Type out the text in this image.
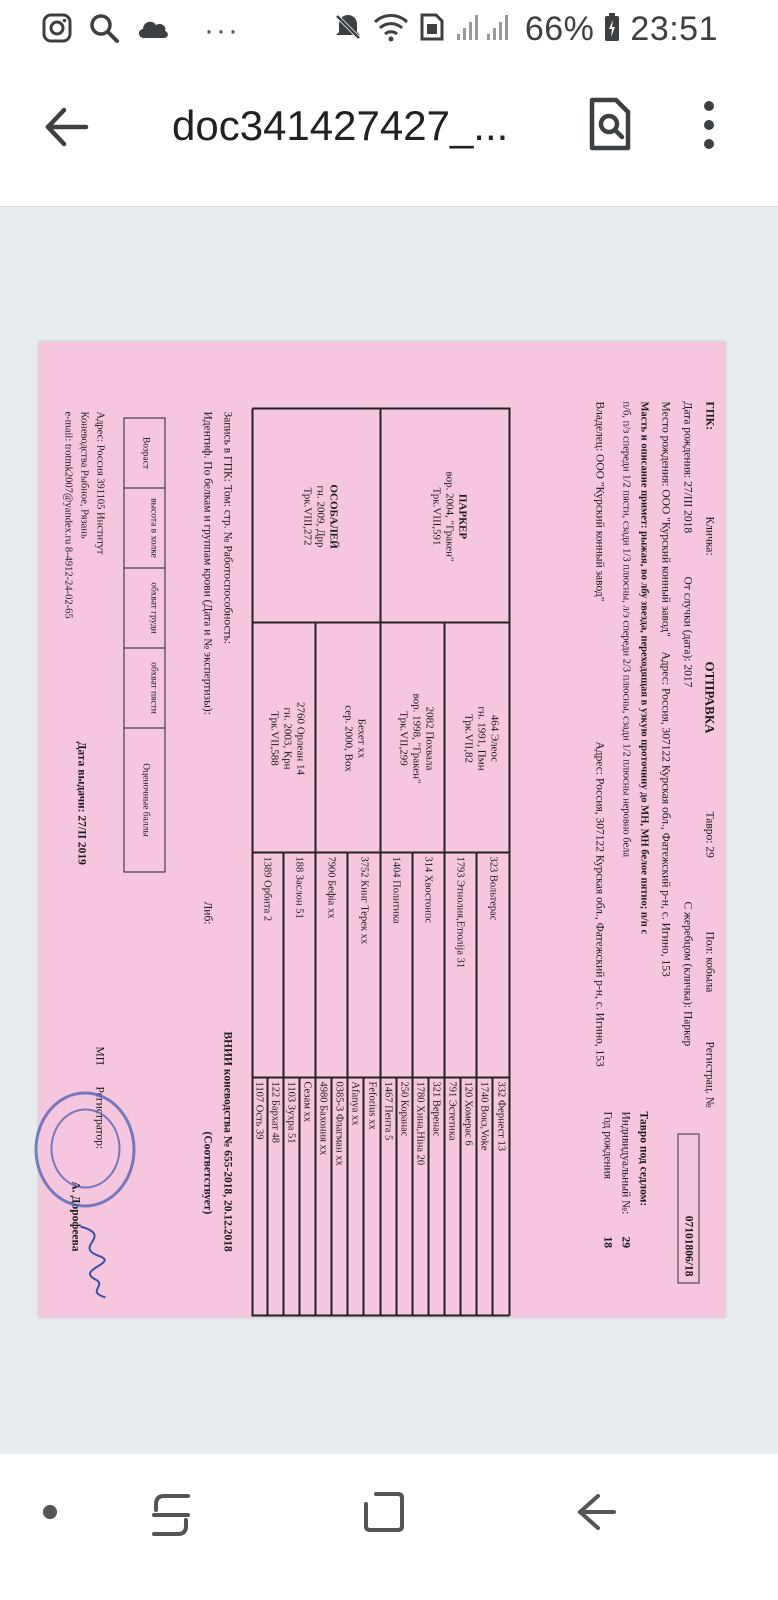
···	66% 23:51
doc341427427_...
ГПК:
Кличка:
ОТПРАВКА
Тавро: 29
Пол: кобыла
Регистрац. №
07101806/18
Дата рождения: 27/III 2018
От случки (дата): 2017
С жеребцом (кличка): Паркер
Место рождения: ООО "Курский конный завод"
Адрес: Россия, 307122 Курская обл., Фатежский р-н, с. Игино, 153
Масть и описание примет: рыжая, во лбу звезда, переходящая в узкую проточину до МН, МН белое пятно; п/п с
п/б, п/з спереди 1/2 пясти, сзади 1/3 плюсны, л/з спереди 2/3 плюсны, сзади 1/2 плюсны неровно бела
Тавро под седлом:
Индивидуальный №:
29
Год рождения
18
Владелец: ООО "Курский конный завод"
Адрес: Россия, 307122 Курская обл., Фатежский р-н, с. Игино, 153
ПАРКЕР
вор. 2004, "Гракен"
Трк.VIII,591
ОСОБАЛЕЙ
гн. 2009, Дрр
Трк.VIII,272
464 Элеос
гн. 1991, Пмн
Трк.VII,82
2082 Похвала
вор. 1998, "Гракен"
Трк.VII,299
Бехет хх
сер. 2000, Вох
2760 Орлеан 14
гн. 2003, Крн
Трк.VII,588
323 Вольтерас
1793 Этнолия,Етюлija 31
314 Хвостоипс
1404 Политика
3752 Кинг Терек хх
7900 Бефiа хх
188 Заслон 51
1389 Орбита 2
332 Фернест 13
1740 Вокз,Voke
120 Хомерас 6
791 Эстетика
321 Веренас
1780 Хина,Нiна 20
250 Коранас
1467 Пента 5
Feforius хх
Afanya хх
0385-3 Флагман хх
4980 Бахония хх
Сезам хх
1103 Зухра 51
122 Бархат 48
1107 Ость 39
Запись в ГПК: Том: стр. № Работоспособность:
Идентиф. По белкам и группам крови (Дата и № экспертизы):
Либ:
ВНИИ коневодства № 655-2018, 20.12.2018
(Соответствует)
Возраст
высота в холке
обхват груди
обхват пясти
Оценочные баллы
Адрес: Россия 391105 Институт
Коневодства Рыбное, Рязань
e-mail: trotmk2007@yandex.ru 8-4912-24-02-65
Дата выдачи: 27/II 2019
МП
Регистратор:
А. Дорофеева
